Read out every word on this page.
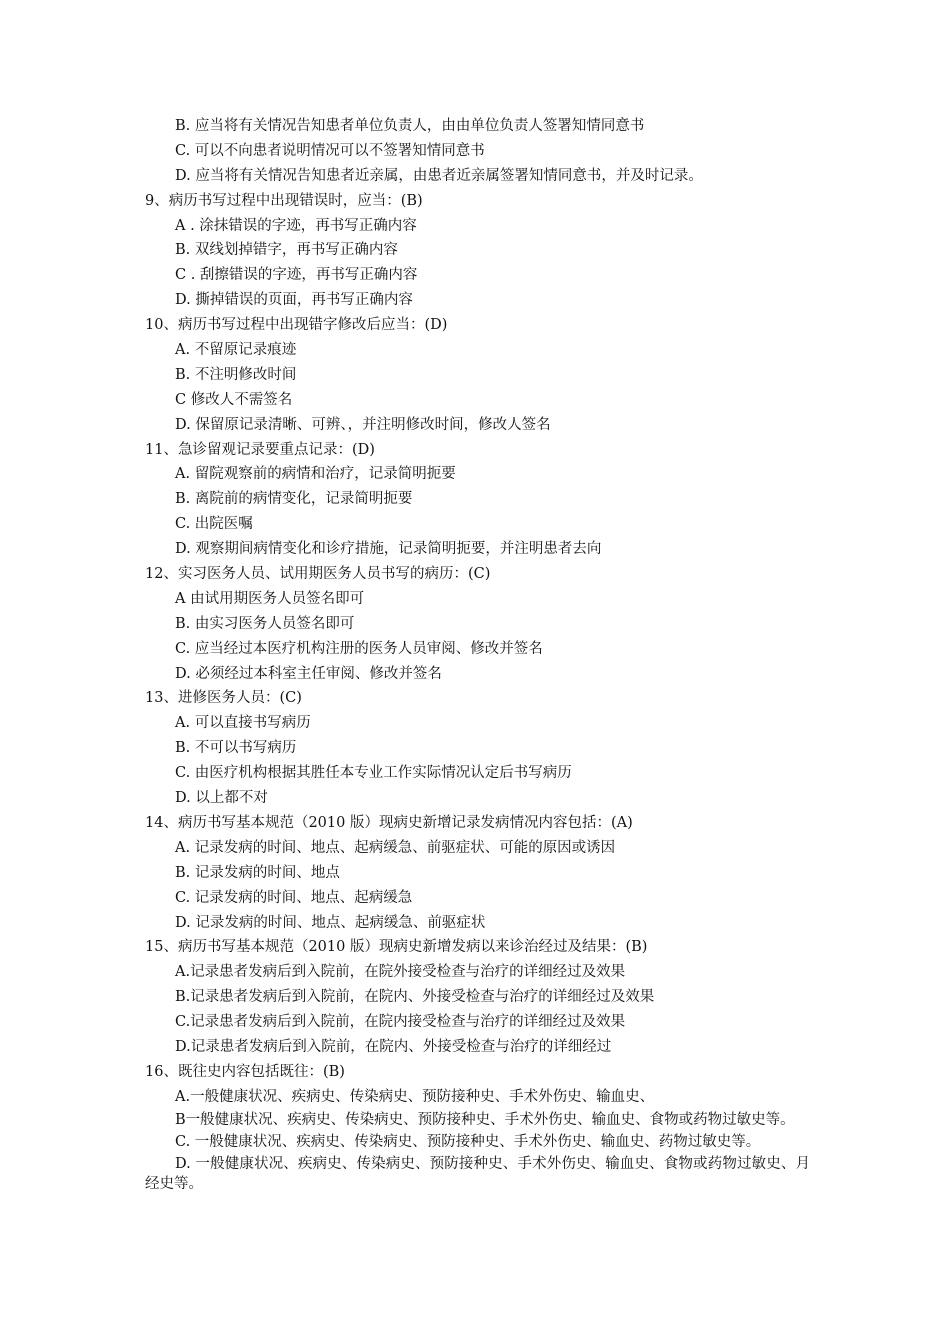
B. 应当将有关情况告知患者单位负责人，由由单位负责人签署知情同意书
C. 可以不向患者说明情况可以不签署知情同意书
D. 应当将有关情况告知患者近亲属，由患者近亲属签署知情同意书，并及时记录。
9、病历书写过程中出现错误时，应当：(B)
A . 涂抹错误的字迹，再书写正确内容
B. 双线划掉错字，再书写正确内容
C . 刮擦错误的字迹，再书写正确内容
D. 撕掉错误的页面，再书写正确内容
10、病历书写过程中出现错字修改后应当：(D)
A. 不留原记录痕迹
B. 不注明修改时间
C 修改人不需签名
D. 保留原记录清晰、可辨、，并注明修改时间，修改人签名
11、急诊留观记录要重点记录：(D)
A. 留院观察前的病情和治疗，记录简明扼要
B. 离院前的病情变化，记录简明扼要
C. 出院医嘱
D. 观察期间病情变化和诊疗措施，记录简明扼要，并注明患者去向
12、实习医务人员、试用期医务人员书写的病历：(C)
A 由试用期医务人员签名即可
B. 由实习医务人员签名即可
C. 应当经过本医疗机构注册的医务人员审阅、修改并签名
D. 必须经过本科室主任审阅、修改并签名
13、进修医务人员：(C)
A. 可以直接书写病历
B. 不可以书写病历
C. 由医疗机构根据其胜任本专业工作实际情况认定后书写病历
D. 以上都不对
14、病历书写基本规范（2010 版）现病史新增记录发病情况内容包括：(A)
A. 记录发病的时间、地点、起病缓急、前驱症状、可能的原因或诱因
B. 记录发病的时间、地点
C. 记录发病的时间、地点、起病缓急
D. 记录发病的时间、地点、起病缓急、前驱症状
15、病历书写基本规范（2010 版）现病史新增发病以来诊治经过及结果：(B)
A.记录患者发病后到入院前，在院外接受检查与治疗的详细经过及效果
B.记录患者发病后到入院前，在院内、外接受检查与治疗的详细经过及效果
C.记录患者发病后到入院前，在院内接受检查与治疗的详细经过及效果
D.记录患者发病后到入院前，在院内、外接受检查与治疗的详细经过
16、既往史内容包括既往：(B)
A.一般健康状况、疾病史、传染病史、预防接种史、手术外伤史、输血史、
B一般健康状况、疾病史、传染病史、预防接种史、手术外伤史、输血史、食物或药物过敏史等。
C. 一般健康状况、疾病史、传染病史、预防接种史、手术外伤史、输血史、药物过敏史等。
D. 一般健康状况、疾病史、传染病史、预防接种史、手术外伤史、输血史、食物或药物过敏史、月经史等。
